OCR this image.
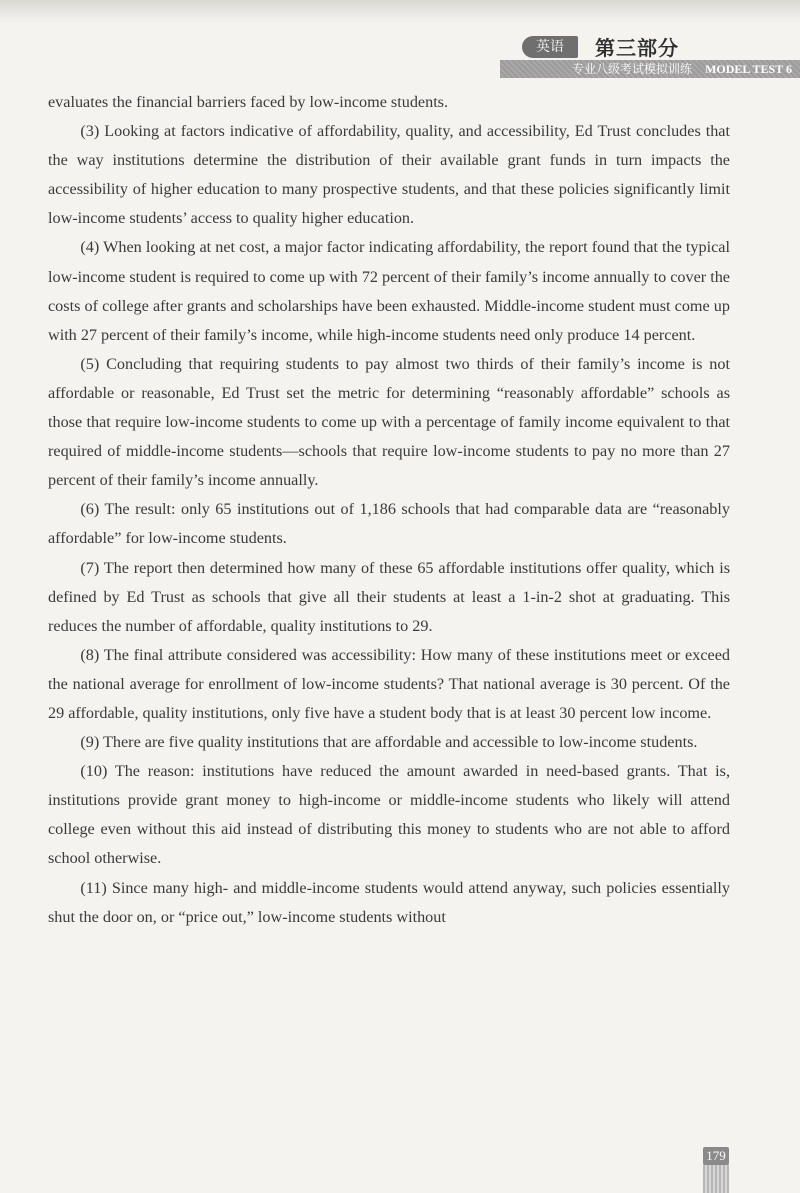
英语	第三部分
专业八级考试模拟训练 MODEL TEST 6

evaluates the financial barriers faced by low-income students.

(3) Looking at factors indicative of affordability, quality, and accessibility, Ed Trust concludes that the way institutions determine the distribution of their available grant funds in turn impacts the accessibility of higher education to many prospective students, and that these policies significantly limit low-income students’ access to quality higher education.

(4) When looking at net cost, a major factor indicating affordability, the report found that the typical low-income student is required to come up with 72 percent of their family’s income annually to cover the costs of college after grants and scholarships have been exhausted. Middle-income student must come up with 27 percent of their family’s income, while high-income students need only produce 14 percent.

(5) Concluding that requiring students to pay almost two thirds of their family’s income is not affordable or reasonable, Ed Trust set the metric for determining “reasonably affordable” schools as those that require low-income students to come up with a percentage of family income equivalent to that required of middle-income students—schools that require low-income students to pay no more than 27 percent of their family’s income annually.

(6) The result: only 65 institutions out of 1,186 schools that had comparable data are “reasonably affordable” for low-income students.

(7) The report then determined how many of these 65 affordable institutions offer quality, which is defined by Ed Trust as schools that give all their students at least a 1-in-2 shot at graduating. This reduces the number of affordable, quality institutions to 29.

(8) The final attribute considered was accessibility: How many of these institutions meet or exceed the national average for enrollment of low-income students? That national average is 30 percent. Of the 29 affordable, quality institutions, only five have a student body that is at least 30 percent low income.

(9) There are five quality institutions that are affordable and accessible to low-income students.

(10) The reason: institutions have reduced the amount awarded in need-based grants. That is, institutions provide grant money to high-income or middle-income students who likely will attend college even without this aid instead of distributing this money to students who are not able to afford school otherwise.

(11) Since many high- and middle-income students would attend anyway, such policies essentially shut the door on, or “price out,” low-income students without

179
